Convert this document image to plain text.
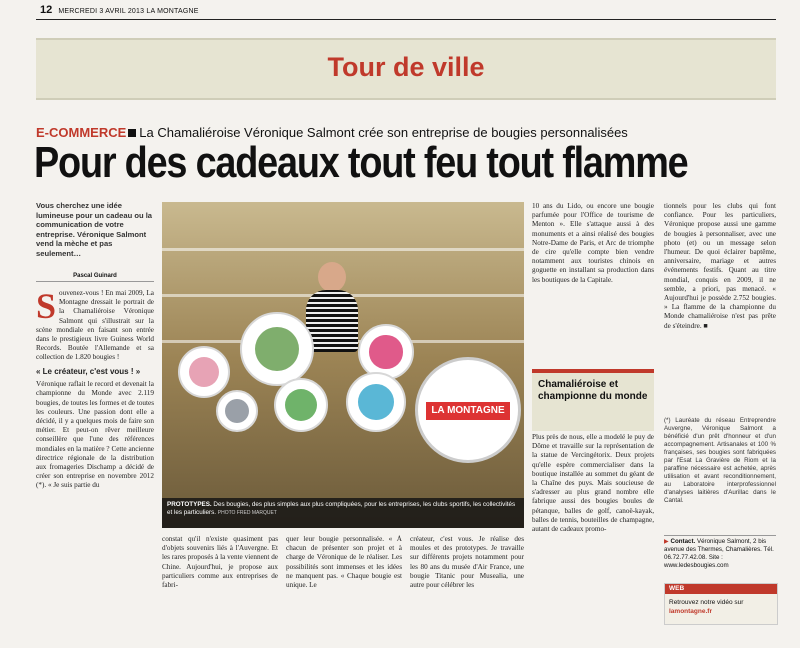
12 MERCREDI 3 AVRIL 2013 LA MONTAGNE
Tour de ville
E-COMMERCE La Chamaliéroise Véronique Salmont crée son entreprise de bougies personnalisées
Pour des cadeaux tout feu tout flamme
Vous cherchez une idée lumineuse pour un cadeau ou la communication de votre entreprise. Véronique Salmont vend la mèche et pas seulement…
Pascal Guinard
S ouvenez-vous ! En mai 2009, La Montagne dressait le portrait de la Chamaliéroise Véronique Salmont qui s'illustrait sur la scène mondiale en faisant son entrée dans le prestigieux livre Guiness World Records. Boutée l'Allemande et sa collection de 1.820 bougies !

« Le créateur, c'est vous ! »

Véronique raflait le record et devenait la championne du Monde avec 2.119 bougies, de toutes les formes et de toutes les couleurs. Une passion dont elle a décidé, il y a quelques mois de faire son métier. Et peut-on rêver meilleure conseillère que l'une des références mondiales en la matière ? Cette ancienne directrice régionale de la distribution aux fromageries Dischamp a décidé de créer son entreprise en novembre 2012 (*). « Je suis partie du

LA MONTAGNE
PROTOTYPES. Des bougies, des plus simples aux plus compliquées, pour les entreprises, les clubs sportifs, les collectivités et les particuliers. PHOTO FRED MARQUET

constat qu'il n'existe quasiment pas d'objets souvenirs liés à l'Auvergne. Et les rares proposés à la vente viennent de Chine. Aujourd'hui, je propose aux particuliers comme aux entreprises de fabri-

quer leur bougie personnalisée. « À chacun de présenter son projet et à charge de Véronique de le réaliser. Les possibilités sont immenses et les idées ne manquent pas. « Chaque bougie est unique. Le

créateur, c'est vous. Je réalise des moules et des prototypes. Je travaille sur différents projets notamment pour les 80 ans du musée d'Air France, une bougie Titanic pour Musealia, une autre pour célébrer les

10 ans du Lido, ou encore une bougie parfumée pour l'Office de tourisme de Menton ». Elle s'attaque aussi à des monuments et a ainsi réalisé des bougies Notre-Dame de Paris, et Arc de triomphe de cire qu'elle compte bien vendre notamment aux touristes chinois en goguette en installant sa production dans les boutiques de la Capitale.

Chamaliéroise et championne du monde

Plus près de nous, elle a modelé le puy de Dôme et travaille sur la représentation de la statue de Vercingétorix. Deux projets qu'elle espère commercialiser dans la boutique installée au sommet du géant de la Chaîne des puys. Mais soucieuse de s'adresser au plus grand nombre elle fabrique aussi des bougies boules de pétanque, balles de golf, canoë-kayak, balles de tennis, bouteilles de champagne, autant de cadeaux promo-

tionnels pour les clubs qui font confiance. Pour les particuliers, Véronique propose aussi une gamme de bougies à personnaliser, avec une photo (et) ou un message selon l'humeur. De quoi éclairer baptême, anniversaire, mariage et autres événements festifs. Quant au titre mondial, conquis en 2009, il ne semble, a priori, pas menacé. « Aujourd'hui je possède 2.752 bougies. » La flamme de la championne du Monde chamaliéroise n'est pas prête de s'éteindre. ■

(*) Lauréate du réseau Entreprendre Auvergne, Véronique Salmont a bénéficié d'un prêt d'honneur et d'un accompagnement. Artisanales et 100 % françaises, ses bougies sont fabriquées par l'Esat La Gravière de Riom et la paraffine nécessaire est achetée, après utilisation et avant reconditionnement, au Laboratoire interprofessionnel d'analyses laitières d'Aurillac dans le Cantal.
▶ Contact. Véronique Salmont, 2 bis avenue des Thermes, Chamalières. Tél. 06.72.77.42.08. Site : www.ledesbougies.com
WEB
Retrouvez notre vidéo sur lamontagne.fr
